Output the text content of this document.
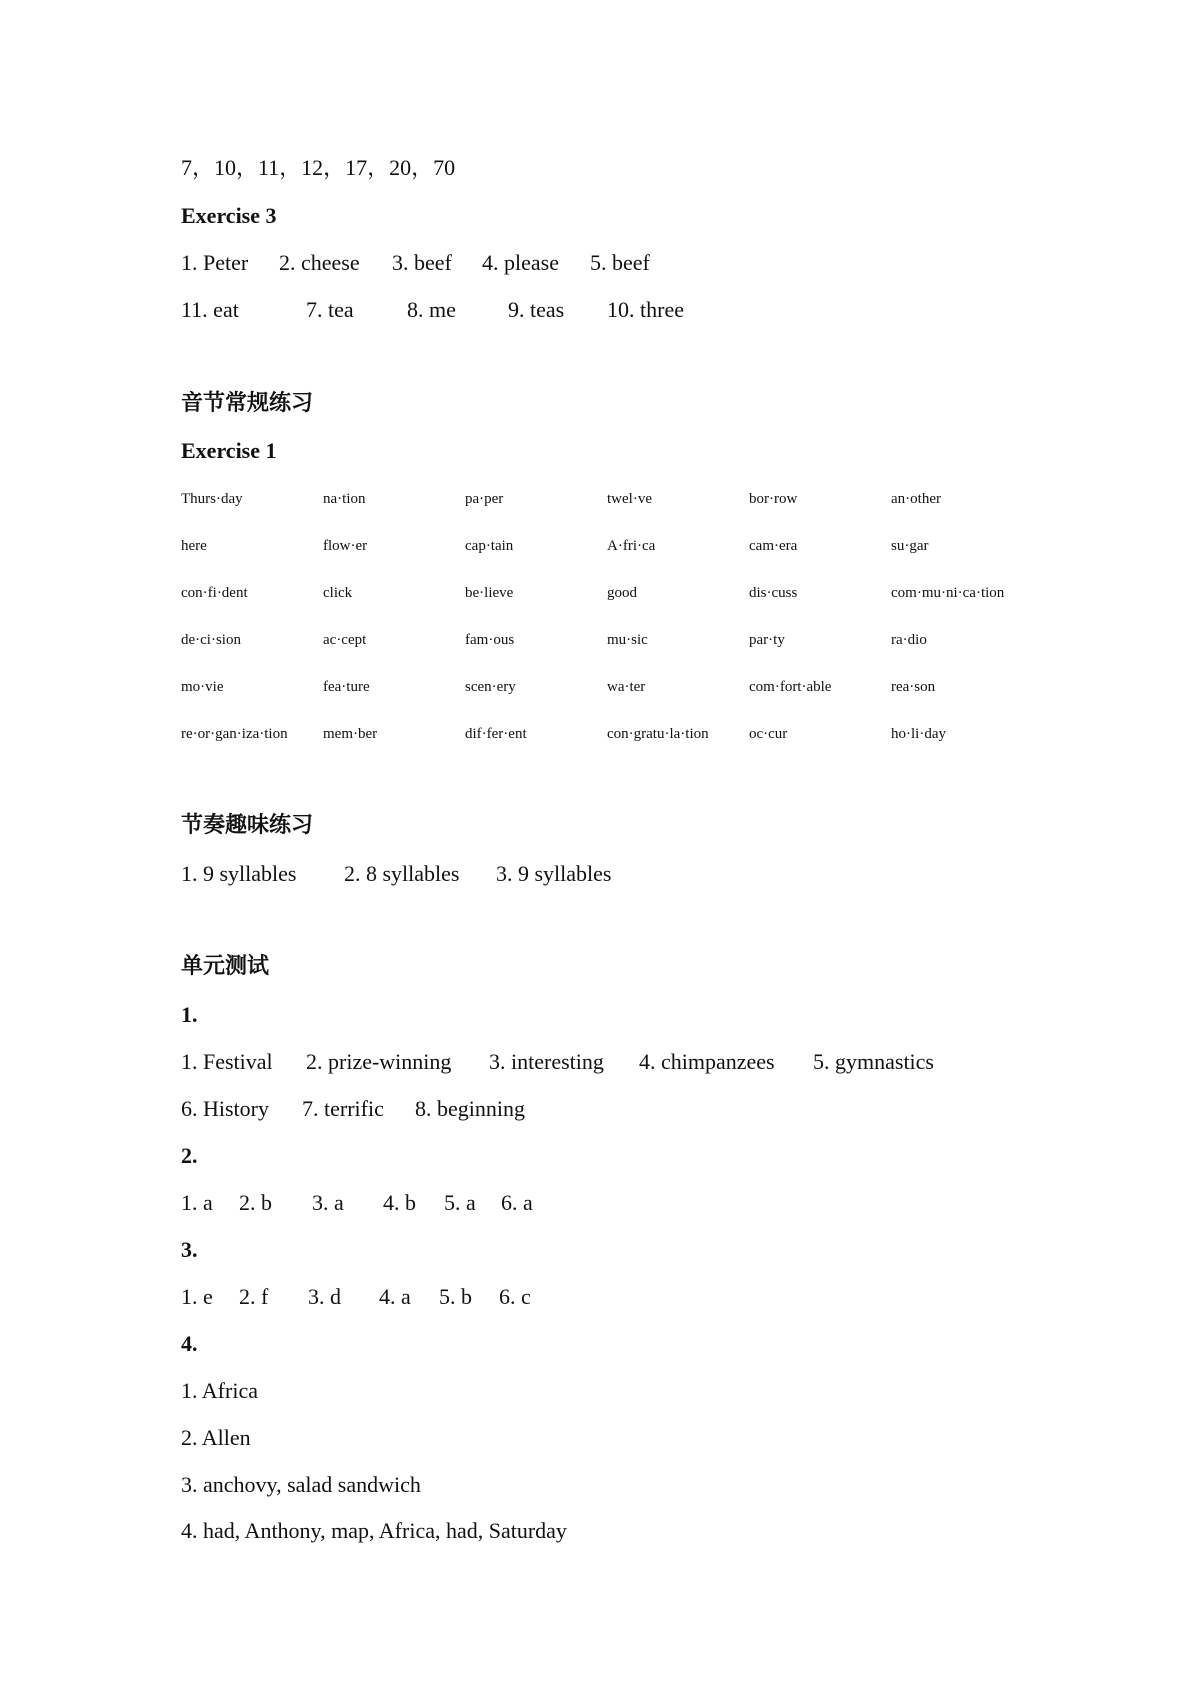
7，10，11，12，17，20，70
Exercise 3
1. Peter 2. cheese 3. beef 4. please 5. beef
11. eat	7. tea 8. me 9. teas 10. three
音节常规练习
Exercise 1
Thurs·day	na·tion	pa·per	twel·ve	bor·row	an·other
here	flow·er	cap·tain	A·fri·ca	cam·era	su·gar
con·fi·dent	click	be·lieve	good	dis·cuss	com·mu·ni·ca·tion
de·ci·sion	ac·cept	fam·ous	mu·sic	par·ty	ra·dio
mo·vie	fea·ture	scen·ery	wa·ter	com·fort·able	rea·son
re·or·gan·iza·tion mem·ber	dif·fer·ent	con·gratu·la·tion	oc·cur	ho·li·day
节奏趣味练习
1. 9 syllables 2. 8 syllables 3. 9 syllables
单元测试
1.
1. Festival 2. prize-winning 3. interesting 4. chimpanzees 5. gymnastics
6. History 7. terrific 8. beginning
2.
1. a 2. b 3. a 4. b 5. a 6. a
3.
1. e 2. f 3. d 4. a 5. b 6. c
4.
1. Africa
2. Allen
3. anchovy, salad sandwich
4. had, Anthony, map, Africa, had, Saturday
